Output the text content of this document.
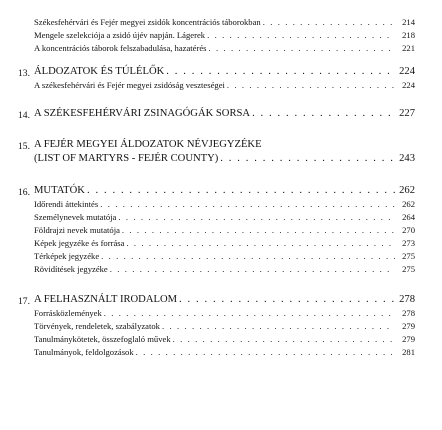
Székesfehérvári és Fejér megyei zsidók koncentrációs táborokban . . .	214
Mengele szelekciója a zsidó újév napján. Lágerek . . .	218
A koncentrációs táborok felszabadulása, hazatérés . . .	221
13. ÁLDOZATOK ÉS TÚLÉLŐK . . .	224
A székesfehérvári és Fejér megyei zsidóság veszteségei . . .	224
14. A SZÉKESFEHÉRVÁRI ZSINAGÓGÁK SORSA . . .	227
15. A FEJÉR MEGYEI ÁLDOZATOK NÉVJEGYZÉKE
(LIST OF MARTYRS - FEJÉR COUNTY) . . .	243
16. MUTATÓK . . .	262
Időrendi áttekintés . . .	262
Személynevek mutatója . . .	264
Földrajzi nevek mutatója . . .	270
Képek jegyzéke és forrása . . .	273
Térképek jegyzéke . . .	275
Rövidítések jegyzéke . . .	275
17. A FELHASZNÁLT IRODALOM . . .	278
Forrásközlemények . . .	278
Törvények, rendeletek, szabályzatok . . .	279
Tanulmánykötetek, összefoglaló művek . . .	279
Tanulmányok, feldolgozások . . .	281
